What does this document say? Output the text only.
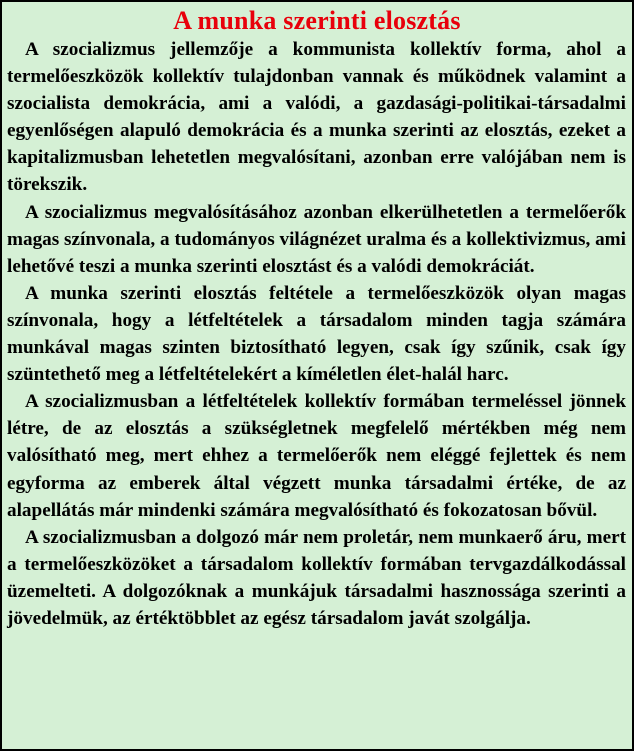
A munka szerinti elosztás

A szocializmus jellemzője a kommunista kollektív forma, ahol a termelőeszközök kollektív tulajdonban vannak és működnek valamint a szocialista demokrácia, ami a valódi, a gazdasági-politikai-társadalmi egyenlőségen alapuló demokrácia és a munka szerinti az elosztás, ezeket a kapitalizmusban lehetetlen megvalósítani, azonban erre valójában nem is törekszik.

A szocializmus megvalósításához azonban elkerülhetetlen a termelőerők magas színvonala, a tudományos világnézet uralma és a kollektivizmus, ami lehetővé teszi a munka szerinti elosztást és a valódi demokráciát.

A munka szerinti elosztás feltétele a termelőeszközök olyan magas színvonala, hogy a létfeltételek a társadalom minden tagja számára munkával magas szinten biztosítható legyen, csak így szűnik, csak így szüntethető meg a létfeltételekért a kíméletlen élet-halál harc.

A szocializmusban a létfeltételek kollektív formában termeléssel jönnek létre, de az elosztás a szükségletnek megfelelő mértékben még nem valósítható meg, mert ehhez a termelőerők nem eléggé fejlettek és nem egyforma az emberek által végzett munka társadalmi értéke, de az alapellátás már mindenki számára megvalósítható és fokozatosan bővül.

A szocializmusban a dolgozó már nem proletár, nem munkaerő áru, mert a termelőeszközöket a társadalom kollektív formában tervgazdálkodással üzemelteti. A dolgozóknak a munkájuk társadalmi hasznossága szerinti a jövedelmük, az értéktöbblet az egész társadalom javát szolgálja.
